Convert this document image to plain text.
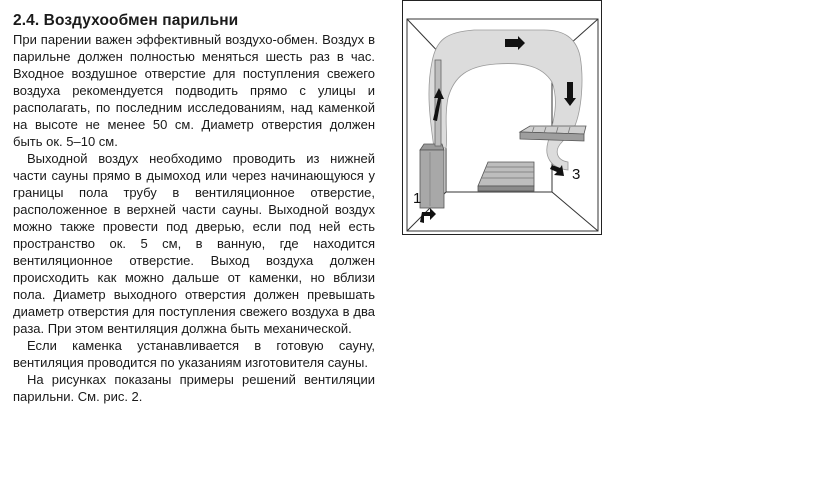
2.4. Воздухообмен парильни

При парении важен эффективный воздухо-обмен. Воздух в парильне должен полностью меняться шесть раз в час. Входное воздушное отверстие для поступления свежего воздуха рекомендуется подводить прямо с улицы и располагать, по последним исследованиям, над каменкой на высоте не менее 50 см. Диаметр отверстия должен быть ок. 5–10 см.

Выходной воздух необходимо проводить из нижней части сауны прямо в дымоход или через начинающуюся у границы пола трубу в вентиляционное отверстие, расположенное в верхней части сауны. Выходной воздух можно также провести под дверью, если под ней есть пространство ок. 5 см, в ванную, где находится вентиляционное отверстие. Выход воздуха должен происходить как можно дальше от каменки, но вблизи пола. Диаметр выходного отверстия должен превышать диаметр отверстия для поступления свежего воздуха в два раза. При этом вентиляция должна быть механической.

Если каменка устанавливается в готовую сауну, вентиляция проводится по указаниям изготовителя сауны.

На рисунках показаны примеры решений вентиляции парильни. См. рис. 2.

1
3
